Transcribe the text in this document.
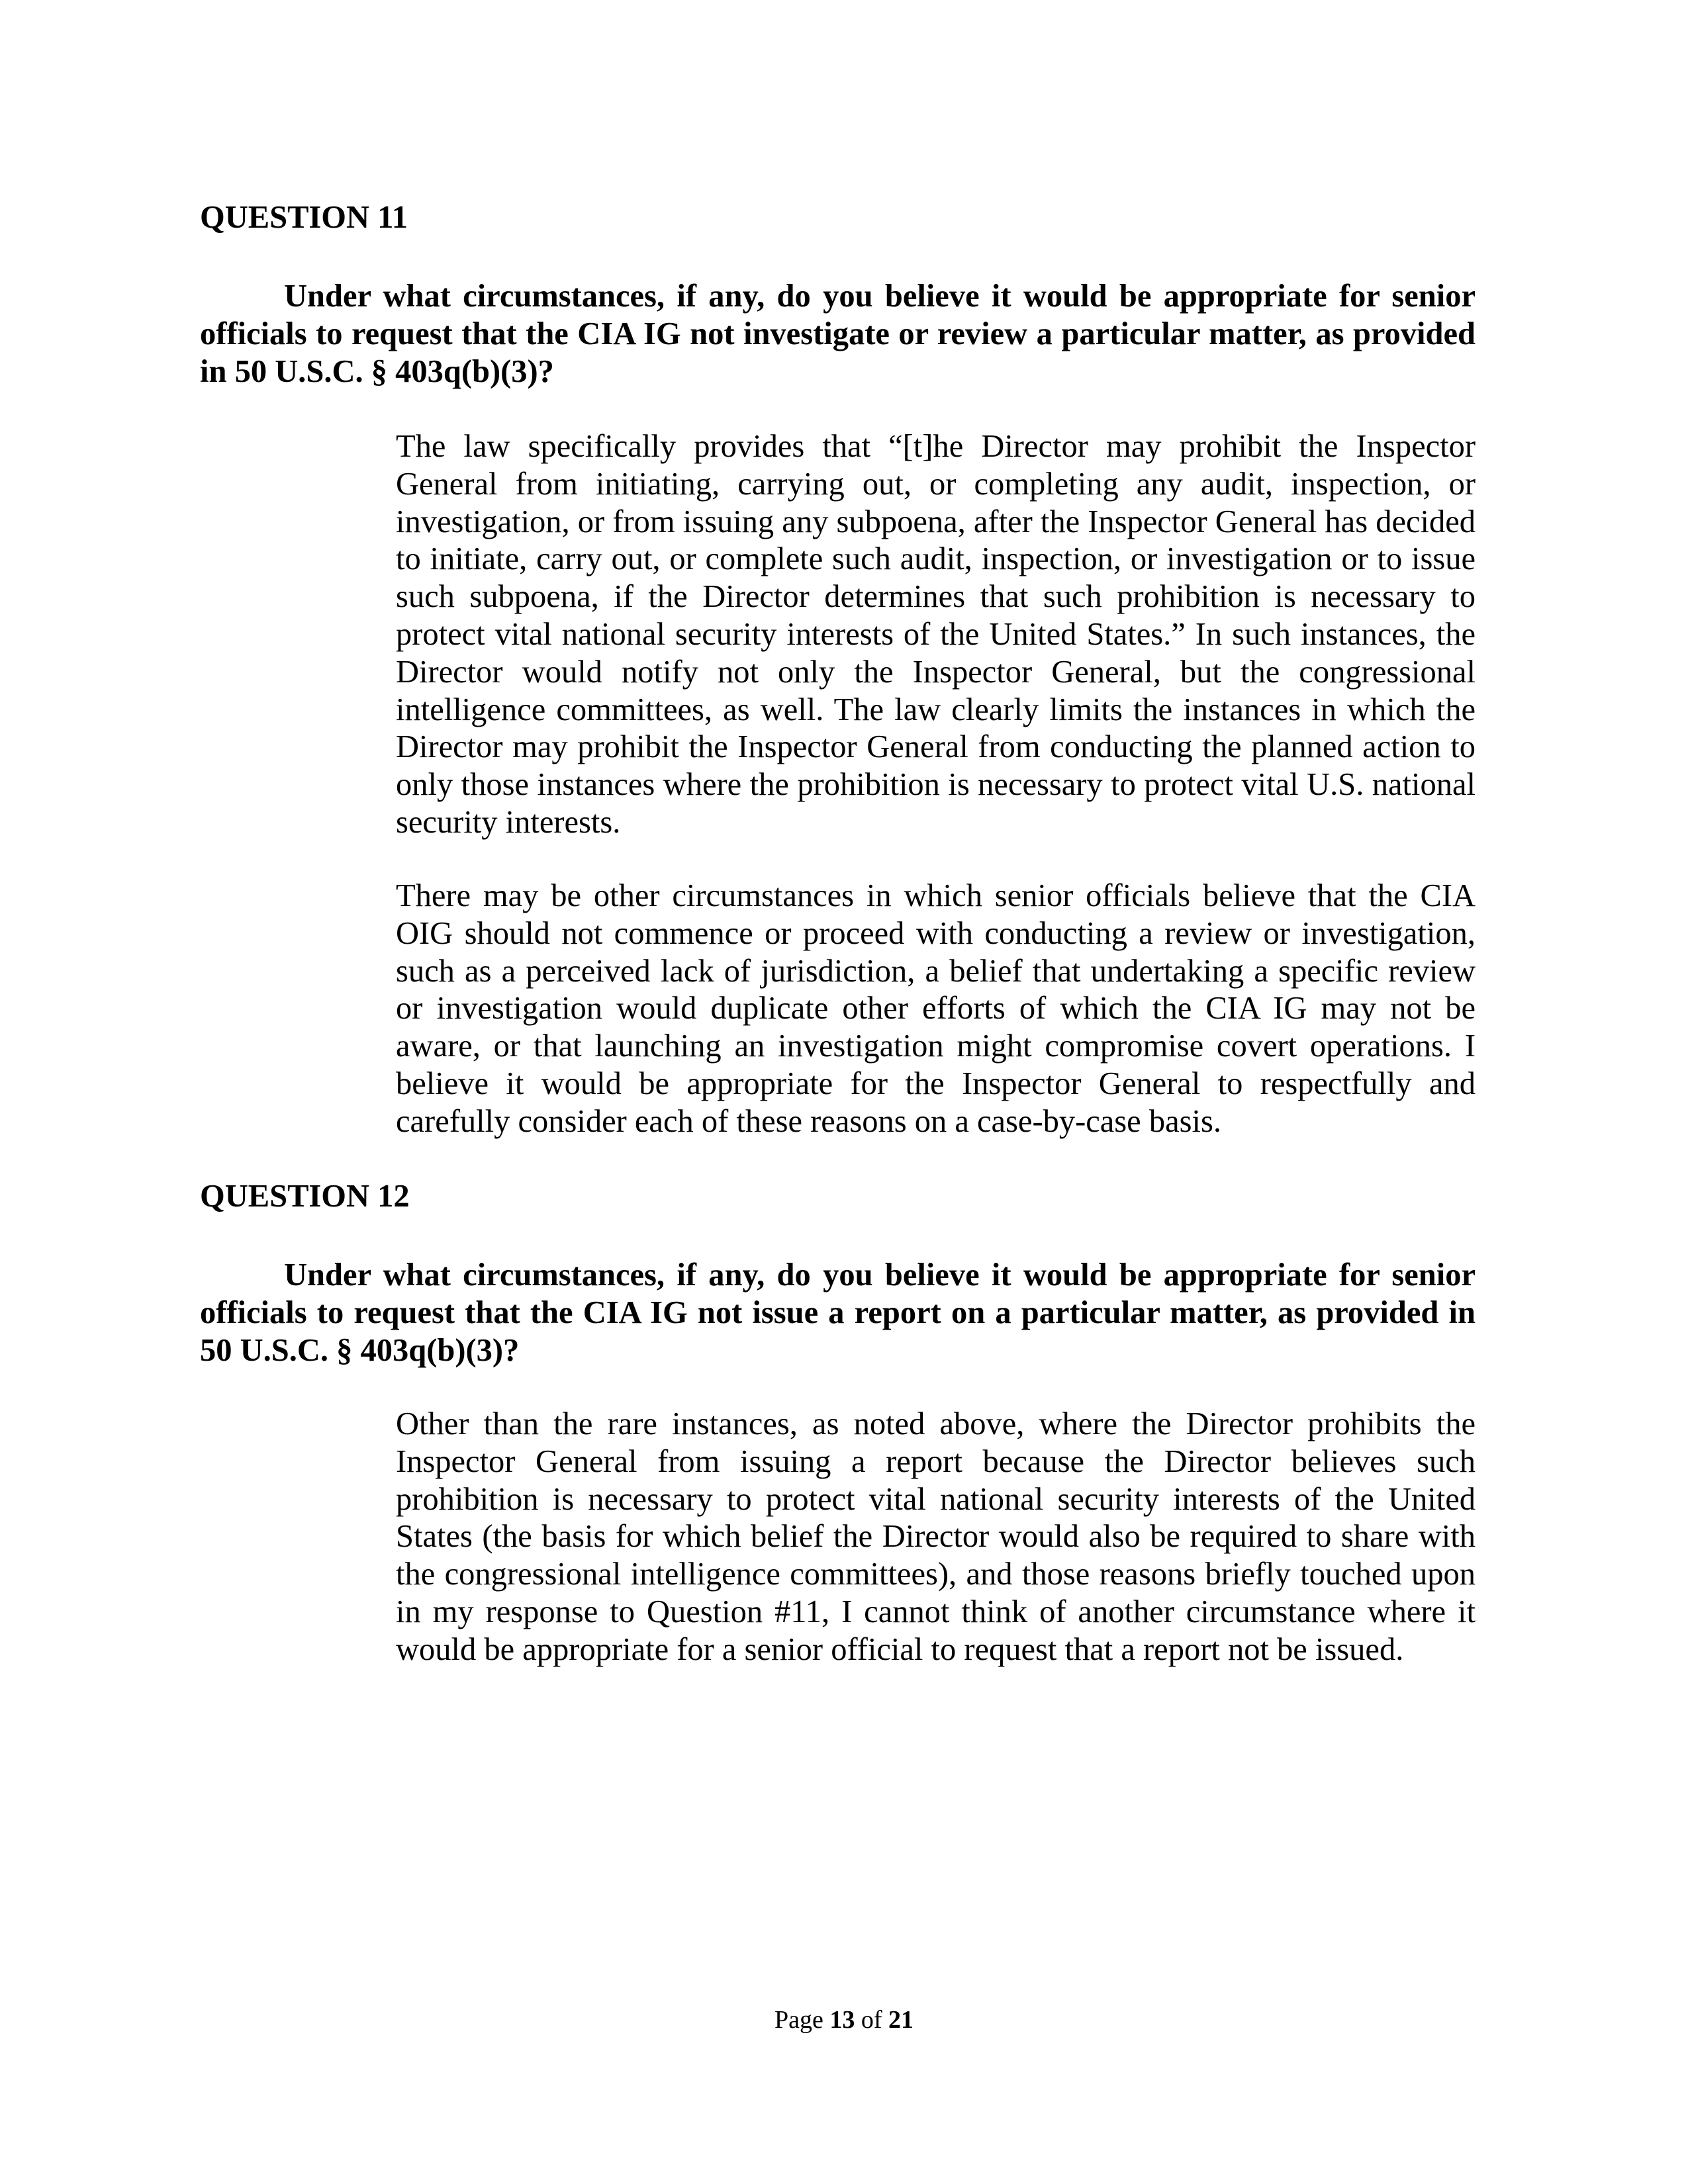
QUESTION 11
Under what circumstances, if any, do you believe it would be appropriate for senior officials to request that the CIA IG not investigate or review a particular matter, as provided in 50 U.S.C. § 403q(b)(3)?
The law specifically provides that “[t]he Director may prohibit the Inspector General from initiating, carrying out, or completing any audit, inspection, or investigation, or from issuing any subpoena, after the Inspector General has decided to initiate, carry out, or complete such audit, inspection, or investigation or to issue such subpoena, if the Director determines that such prohibition is necessary to protect vital national security interests of the United States.” In such instances, the Director would notify not only the Inspector General, but the congressional intelligence committees, as well. The law clearly limits the instances in which the Director may prohibit the Inspector General from conducting the planned action to only those instances where the prohibition is necessary to protect vital U.S. national security interests.
There may be other circumstances in which senior officials believe that the CIA OIG should not commence or proceed with conducting a review or investigation, such as a perceived lack of jurisdiction, a belief that undertaking a specific review or investigation would duplicate other efforts of which the CIA IG may not be aware, or that launching an investigation might compromise covert operations. I believe it would be appropriate for the Inspector General to respectfully and carefully consider each of these reasons on a case-by-case basis.
QUESTION 12
Under what circumstances, if any, do you believe it would be appropriate for senior officials to request that the CIA IG not issue a report on a particular matter, as provided in 50 U.S.C. § 403q(b)(3)?
Other than the rare instances, as noted above, where the Director prohibits the Inspector General from issuing a report because the Director believes such prohibition is necessary to protect vital national security interests of the United States (the basis for which belief the Director would also be required to share with the congressional intelligence committees), and those reasons briefly touched upon in my response to Question #11, I cannot think of another circumstance where it would be appropriate for a senior official to request that a report not be issued.
Page 13 of 21
